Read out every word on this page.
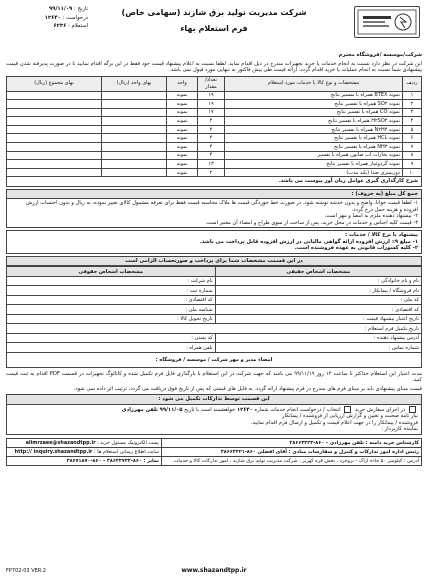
شرکت مدیریت تولید برق شازند (سهامی خاص)
فرم استعلام بهاء
تاریخ : ۹۹/۱۱/۰۹
درخواست : ۱۲۶۴۰
استعلام : ۶۲۳۶
شرکت/موسسه /فروشگاه محترم
این شرکت در نظر دارد نسبت به انجام خدمات یا خرید تجهیزات مندرج در ذیل اقدام نماید. لطفا نسبت به اعلام پیشنهاد قیمت خود فقط در این برگه اقدام نمایید تا در صورت پذیرفته شدن قیمت پیشنهادی شما نسبت به انجام عملیات یا خرید اقدام گردد. ارائه قیمت طی پیش فاکتور به تنهایی مورد قبول نمی باشد.
ردیف	مشخصات و نوع کالا یا خدمات مورد استعلام	تعداد/ مقدار	واحد	بهای واحد (ریال)	بهای مجموع (ریال)
۱	نمونه BTEX همراه با تمسیر نتایج	۱۹	نمونه		
۲	نمونه SO۲ همراه با تفسیر نتایج	۱۹	نمونه		
۳	نمونه CO همراه با تفسیر نتایج	۱۷	نمونه		
۴	نمونه H۲SO۴ همراه با تفسیر نتایج	۴	نمونه		
۵	نمونه N۲H۴ همراه با تفسیر نتایج	۴	نمونه		
۶	نمونه HCL همراه با تفسیر نتایج	۴	نمونه		
۷	نمونه NH۳ همراه با تفسیر نتایج	۴	نمونه		
۸	نمونه بخارات آب صابون همراه با تفسیر	۴	نمونه		
۹	نمونه گردوغبار همراه با تفسیر نتایج	۱۳	نمونه		
۱۰	دوزیمتری صدا (بلند مدت)	۲	نمونه		
شرح کارگذاری گیری عوامل زیان آور پیوست می باشد.
جمع کل مبلغ (به حروف) :
۱- لطفا قیمت خوانا، واضح و بدون خدشه نوشته شود. در صورت خط خوردگی قیمت ها ملاک محاسبه قیمت فقط برای تعرفه مشمول کالای تغییر نموده، به ریال و بدون احتساب ارزش افزوده و هزینه حمل درج گردد.
۲- پیشنهاد دهنده ملزم به امضا و مهر است.
۳- قیمت کلیه اجناس و خدمات در محل خرید، پس از ساخت از سوی طراح و امضاء آن معتبر است.
پیشنهاد با نرخ کالا / خدمات :
۱- مبلغ ۹٪ ارزش افزوده ارائه گواهی مالیاتی در ارزش افزوده قابل پرداخت می باشد.
۲- کلیه کسورات قانونی به عهده فروشنده است.
در این قسمت مشخصات شما برای پرداخت و صورتحساب الزامی است
مشخصات اشخاص حقیقی	مشخصات اشخاص حقوقی
نام و نام خانوادگی :	نام شرکت :
نام فروشگاه / پیمانکار :	شماره ثبت :
کد ملی :	کد اقتصادی :
کد اقتصادی :	شناسه ملی :
تاریخ اعتبار پیشنهاد قیمت :	تاریخ تحویل کالا :
تاریخ تکمیل فرم استعلام :	
آدرس پیشنهاد دهنده :	کد پستی :
شماره تماس :	تلفن همراه :
امضاء مدیر و مهر شرکت / موسسه / فروشگاه :	
مدت اعتبار این استعلام حداکثر تا ساعت ۱۴ روز ۹۹/۱۱/۱۹ می باشد که جهت شرکت در این استعلام با بارگذاری فایل فرم تکمیل شده و کاتالوگ تجهیزات در قسمت PDF اقدام به ثبت قیمت کنید.
قیمت مبنای پیشنهادی باید بر مبنای فرم های مندرج در فرم پیشنهاد ارائه گردد. به فایل های قیمتی که پس از تاریخ فوق دریافت می گردد، ترتیب اثر داده نمی شود.
این قسمت توسط تدارکات تکمیل می شود :
در اجرای سفارش خرید  انتخاب / درخواست انجام خدمات شماره ۱۲۶۴۰ خواهشمند است با تاریخ ۹۹/۱۱/۰۵ تلفن مهرزادی
نیاز نامه صحبت و تعیین و گزارش ارزیابی از فروشنده / پیمانکار
فروشنده / پیمانکار را در جهت اعلام قیمت و تکمیل و ارسال فرم اقدام نمایید.
نماینده کارپرداز :
کارشناس خرید دامنه : تلفن مهرزادی - ۸۶۰-۳۸۶۶۴۴۲۳	پست الکترونیک مسئول خرید : alimrzaee@shazandtpp.ir
رئیس اداره امور تدارکات و کنترل و سفارشات مبادی : آقای افضلی ۸۶۰-۳۸۶۶۴۴۲۱	سایت اطلاع رسانی استعلام ها : http:// inquiry.shazandtpp.ir
آدرس : کیلومتر ۵۰ جاده اراک - بروجرد ، بخش قره کهریز ، شرکت مدیریت تولید برق شازند ، امور تدارکات کالا و خدمات	نمابر : ۸۶۰-۳۸۶۴۴۷۳۴ - ۸۶۰-۳۸۶۷۱۸۷۰
www.shazandtpp.ir
FP702-03 VER:2
